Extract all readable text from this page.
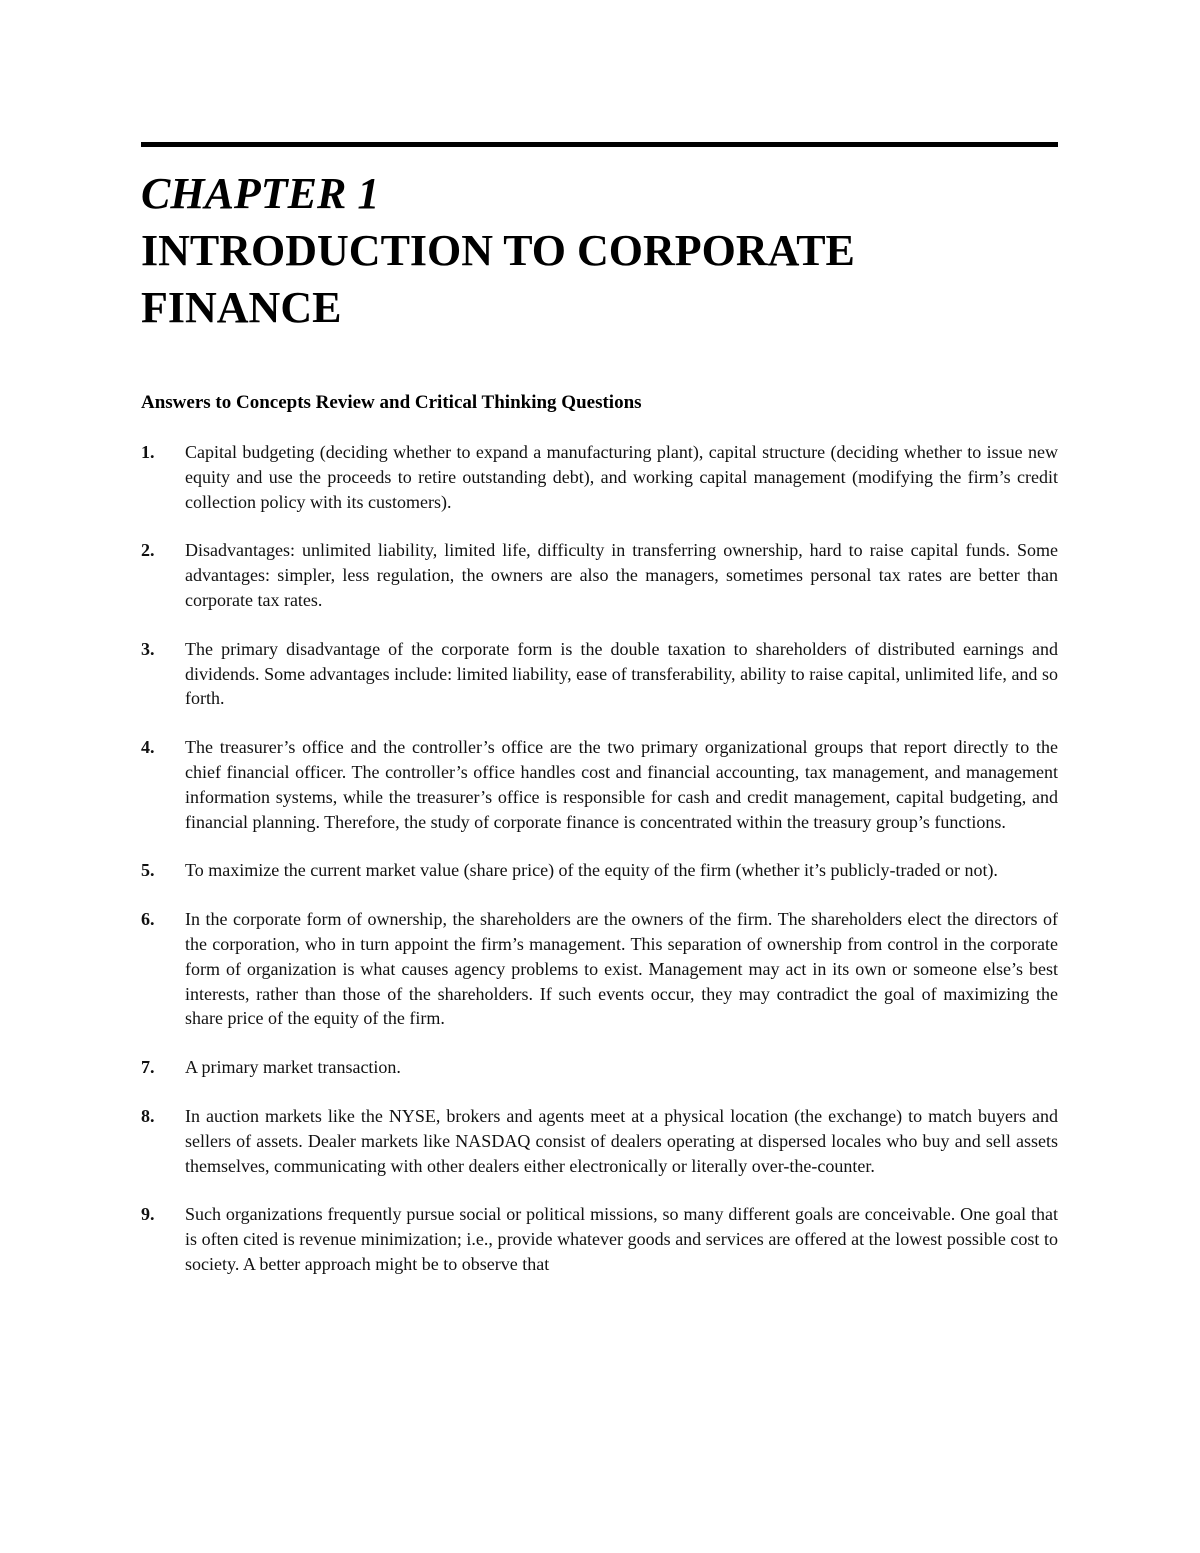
CHAPTER 1
INTRODUCTION TO CORPORATE FINANCE
Answers to Concepts Review and Critical Thinking Questions
1. Capital budgeting (deciding whether to expand a manufacturing plant), capital structure (deciding whether to issue new equity and use the proceeds to retire outstanding debt), and working capital management (modifying the firm’s credit collection policy with its customers).
2. Disadvantages: unlimited liability, limited life, difficulty in transferring ownership, hard to raise capital funds. Some advantages: simpler, less regulation, the owners are also the managers, sometimes personal tax rates are better than corporate tax rates.
3. The primary disadvantage of the corporate form is the double taxation to shareholders of distributed earnings and dividends. Some advantages include: limited liability, ease of transferability, ability to raise capital, unlimited life, and so forth.
4. The treasurer’s office and the controller’s office are the two primary organizational groups that report directly to the chief financial officer. The controller’s office handles cost and financial accounting, tax management, and management information systems, while the treasurer’s office is responsible for cash and credit management, capital budgeting, and financial planning. Therefore, the study of corporate finance is concentrated within the treasury group’s functions.
5. To maximize the current market value (share price) of the equity of the firm (whether it’s publicly-traded or not).
6. In the corporate form of ownership, the shareholders are the owners of the firm. The shareholders elect the directors of the corporation, who in turn appoint the firm’s management. This separation of ownership from control in the corporate form of organization is what causes agency problems to exist. Management may act in its own or someone else’s best interests, rather than those of the shareholders. If such events occur, they may contradict the goal of maximizing the share price of the equity of the firm.
7. A primary market transaction.
8. In auction markets like the NYSE, brokers and agents meet at a physical location (the exchange) to match buyers and sellers of assets. Dealer markets like NASDAQ consist of dealers operating at dispersed locales who buy and sell assets themselves, communicating with other dealers either electronically or literally over-the-counter.
9. Such organizations frequently pursue social or political missions, so many different goals are conceivable. One goal that is often cited is revenue minimization; i.e., provide whatever goods and services are offered at the lowest possible cost to society. A better approach might be to observe that
